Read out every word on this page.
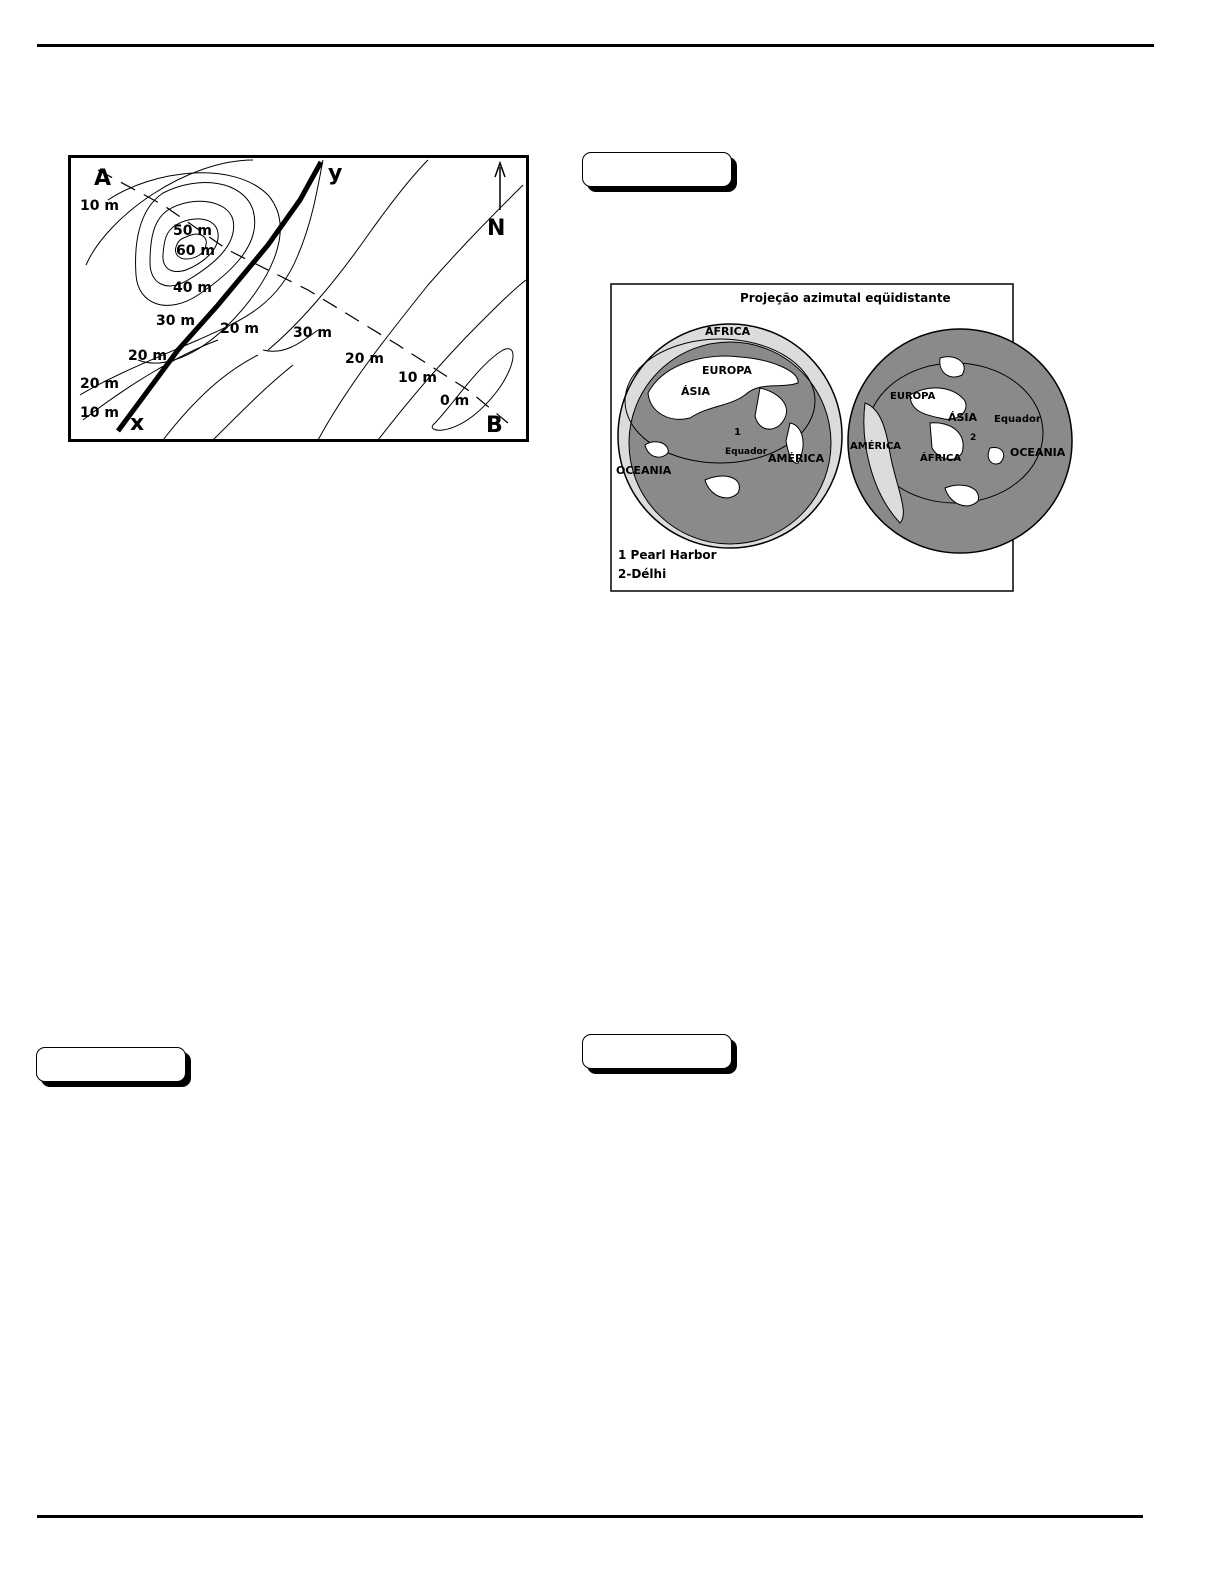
A
B
x
y
N
10 m
50 m
60 m
40 m
30 m
20 m
20 m
10 m
20 m 30 m
20 m
10 m
0 m
Projeção azimutal eqüidistante
ÁFRICA
EUROPA
ÁSIA
1
Equador AMÉRICA
OCEANIA
EUROPA
ÁSIA Equador
AMÉRICA
ÁFRICA
2
OCEANIA
1 Pearl Harbor
2-Délhi
